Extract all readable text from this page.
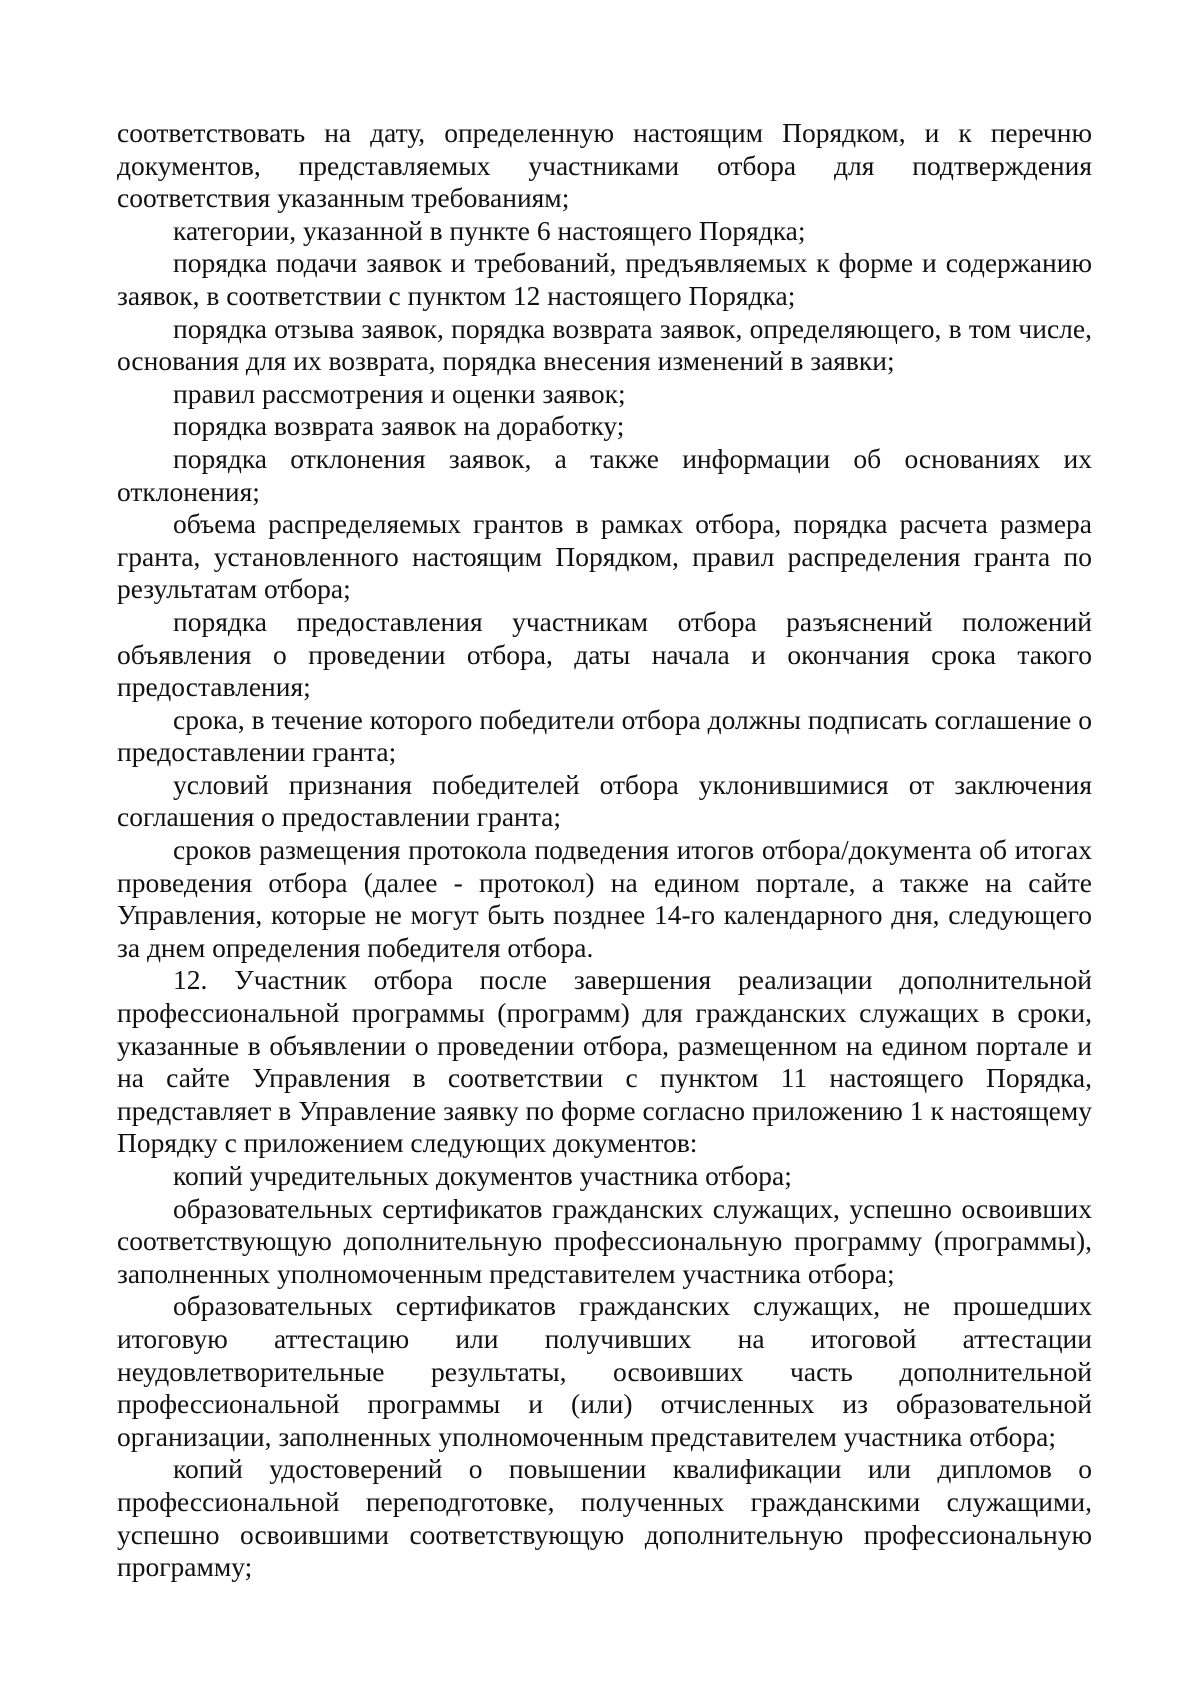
соответствовать на дату, определенную настоящим Порядком, и к перечню документов, представляемых участниками отбора для подтверждения соответствия указанным требованиям;

категории, указанной в пункте 6 настоящего Порядка;

порядка подачи заявок и требований, предъявляемых к форме и содержанию заявок, в соответствии с пунктом 12 настоящего Порядка;

порядка отзыва заявок, порядка возврата заявок, определяющего, в том числе, основания для их возврата, порядка внесения изменений в заявки;

правил рассмотрения и оценки заявок;

порядка возврата заявок на доработку;

порядка отклонения заявок, а также информации об основаниях их отклонения;

объема распределяемых грантов в рамках отбора, порядка расчета размера гранта, установленного настоящим Порядком, правил распределения гранта по результатам отбора;

порядка предоставления участникам отбора разъяснений положений объявления о проведении отбора, даты начала и окончания срока такого предоставления;

срока, в течение которого победители отбора должны подписать соглашение о предоставлении гранта;

условий признания победителей отбора уклонившимися от заключения соглашения о предоставлении гранта;

сроков размещения протокола подведения итогов отбора/документа об итогах проведения отбора (далее - протокол) на едином портале, а также на сайте Управления, которые не могут быть позднее 14-го календарного дня, следующего за днем определения победителя отбора.

12. Участник отбора после завершения реализации дополнительной профессиональной программы (программ) для гражданских служащих в сроки, указанные в объявлении о проведении отбора, размещенном на едином портале и на сайте Управления в соответствии с пунктом 11 настоящего Порядка, представляет в Управление заявку по форме согласно приложению 1 к настоящему Порядку с приложением следующих документов:

копий учредительных документов участника отбора;

образовательных сертификатов гражданских служащих, успешно освоивших соответствующую дополнительную профессиональную программу (программы), заполненных уполномоченным представителем участника отбора;

образовательных сертификатов гражданских служащих, не прошедших итоговую аттестацию или получивших на итоговой аттестации неудовлетворительные результаты, освоивших часть дополнительной профессиональной программы и (или) отчисленных из образовательной организации, заполненных уполномоченным представителем участника отбора;

копий удостоверений о повышении квалификации или дипломов о профессиональной переподготовке, полученных гражданскими служащими, успешно освоившими соответствующую дополнительную профессиональную программу;
